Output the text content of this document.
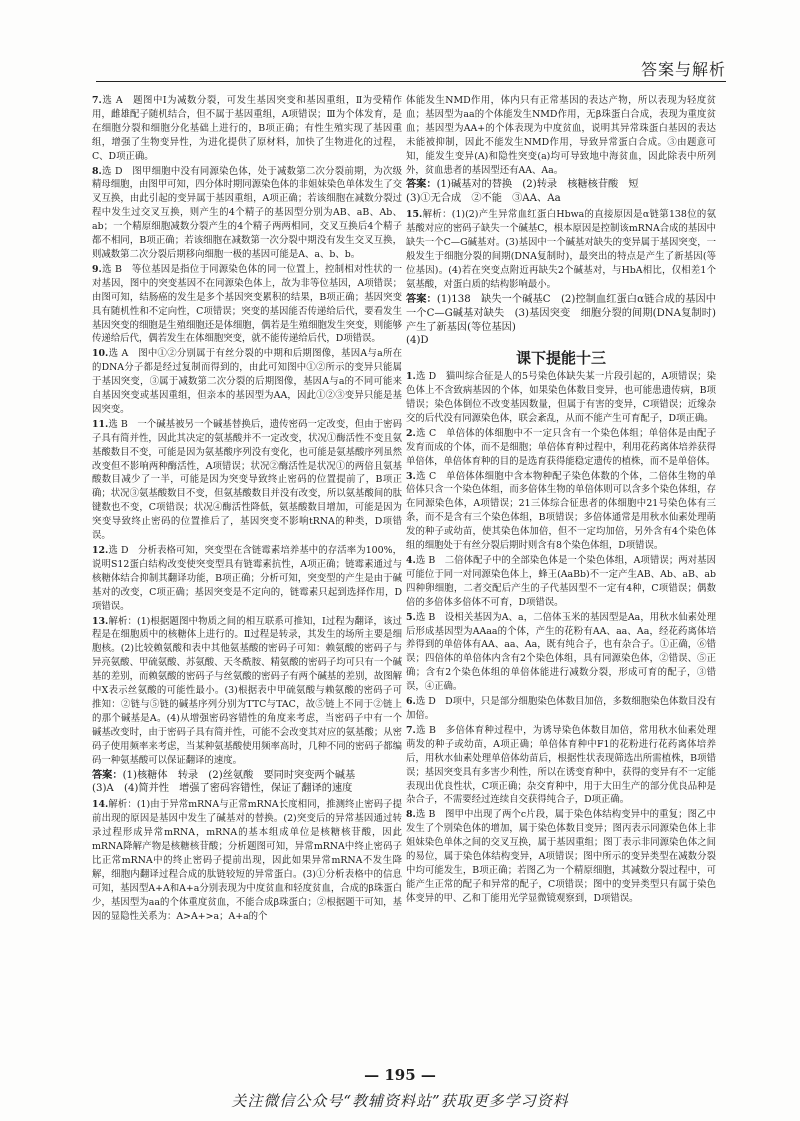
答案与解析
7.选 A　题图中Ⅰ为减数分裂，可发生基因突变和基因重组，Ⅱ为受精作用，雌雄配子随机结合，但不属于基因重组，A项错误；Ⅲ为个体发育，是在细胞分裂和细胞分化基础上进行的，B项正确；有性生殖实现了基因重组，增强了生物变异性，为进化提供了原材料，加快了生物进化的过程，C、D项正确。
8.选 D　图甲细胞中没有同源染色体，处于减数第二次分裂前期，为次级精母细胞，由图甲可知，四分体时期同源染色体的非姐妹染色单体发生了交叉互换，由此引起的变异属于基因重组，A项正确；若该细胞在减数分裂过程中发生过交叉互换，则产生的4个精子的基因型分别为AB、aB、Ab、ab；一个精原细胞减数分裂产生的4个精子两两相同，交叉互换后4个精子都不相同，B项正确；若该细胞在减数第一次分裂中期没有发生交叉互换，则减数第二次分裂后期移向细胞一极的基因可能是A、a、b、b。
9.选 B　等位基因是指位于同源染色体的同一位置上，控制相对性状的一对基因，图中的突变基因不在同源染色体上，故为非等位基因，A项错误；由图可知，结肠癌的发生是多个基因突变累积的结果，B项正确；基因突变具有随机性和不定向性，C项错误；突变的基因能否传递给后代，要看发生基因突变的细胞是生殖细胞还是体细胞，偶若是生殖细胞发生突变，则能够传递给后代，偶若发生在体细胞突变，就不能传递给后代，D项错误。
10.选 A　图中①②分别属于有丝分裂的中期和后期图像，基因A与a所在的DNA分子都是经过复制而得到的，由此可知图中①②所示的变异只能属于基因突变，③属于减数第二次分裂的后期图像，基因A与a的不同可能来自基因突变或基因重组，但亲本的基因型为AA，因此①②③变异只能是基因突变。
11.选 B　一个碱基被另一个碱基替换后，遗传密码一定改变，但由于密码子具有简并性，因此其决定的氨基酸并不一定改变，状况①酶活性不变且氨基酸数目不变，可能是因为氨基酸序列没有变化，也可能是氨基酸序列虽然改变但不影响两种酶活性，A项错误；状况②酶活性是状况①的两倍且氨基酸数目减少了一半，可能是因为突变导致终止密码的位置提前了，B项正确；状况③氨基酸数目不变，但氨基酸数目并没有改变，所以氨基酸间的肽键数也不变，C项错误；状况④酶活性降低，氨基酸数目增加，可能是因为突变导致终止密码的位置推后了，基因突变不影响tRNA的种类，D项错误。
12.选 D　分析表格可知，突变型在含链霉素培养基中的存活率为100%，说明S12蛋白结构改变使突变型具有链霉素抗性，A项正确；链霉素通过与核糖体结合抑制其翻译功能，B项正确；分析可知，突变型的产生是由于碱基对的改变，C项正确；基因突变是不定向的，链霉素只起到选择作用，D项错误。
13.解析：(1)根据题图中物质之间的相互联系可推知，Ⅰ过程为翻译，该过程是在细胞质中的核糖体上进行的。Ⅱ过程是转录，其发生的场所主要是细胞核。(2)比较赖氨酸和表中其他氨基酸的密码子可知：赖氨酸的密码子与异亮氨酸、甲硫氨酸、苏氨酸、天冬酰胺、精氨酸的密码子均可只有一个碱基的差别，而赖氨酸的密码子与丝氨酸的密码子有两个碱基的差别，故图解中X表示丝氨酸的可能性最小。(3)根据表中甲硫氨酸与赖氨酸的密码子可推知：②链与⑤链的碱基序列分别为TTC与TAC，故⑤链上不同于②链上的那个碱基是A。(4)从增强密码容错性的角度来考虑，当密码子中有一个碱基改变时，由于密码子具有简并性，可能不会改变其对应的氨基酸；从密码子使用频率来考虑，当某种氨基酸使用频率高时，几种不同的密码子都编码一种氨基酸可以保证翻译的速度。
答案：(1)核糖体　转录　(2)丝氨酸　要同时突变两个碱基
(3)A　(4)简并性　增强了密码容错性，保证了翻译的速度
14.解析：(1)由于异常mRNA与正常mRNA长度相同，推测终止密码子提前出现的原因是基因中发生了碱基对的替换。(2)突变后的异常基因通过转录过程形成异常mRNA，mRNA的基本组成单位是核糖核苷酸，因此mRNA降解产物是核糖核苷酸；分析题图可知，异常mRNA中终止密码子比正常mRNA中的终止密码子提前出现，因此如果异常mRNA不发生降解，细胞内翻译过程合成的肽链较短的异常蛋白。(3)①分析表格中的信息可知，基因型A+A和A+a分别表现为中度贫血和轻度贫血，合成的β珠蛋白少，基因型为aa的个体重度贫血，不能合成β珠蛋白；②根据题干可知，基因的显隐性关系为：A>A+>a；A+a的个
体能发生NMD作用，体内只有正常基因的表达产物，所以表现为轻度贫血；基因型为aa的个体能发生NMD作用，无β珠蛋白合成，表现为重度贫血；基因型为AA+的个体表现为中度贫血，说明其异常珠蛋白基因的表达未能被抑制，因此不能发生NMD作用，导致异常蛋白合成。③由题意可知，能发生变异(A)和隐性突变(a)均可导致地中海贫血，因此除表中所列外，贫血患者的基因型还有AA、Aa。
答案：(1)碱基对的替换　(2)转录　核糖核苷酸　短
(3)①无合成　②不能　③AA、Aa
15.解析：(1)(2)产生异常血红蛋白Hbwa的直接原因是α链第138位的氨基酸对应的密码子缺失一个碱基C，根本原因是控制该mRNA合成的基因中缺失一个C—G碱基对。(3)基因中一个碱基对缺失的变异属于基因突变，一般发生于细胞分裂的间期(DNA复制时)，最突出的特点是产生了新基因(等位基因)。(4)若在突变点附近再缺失2个碱基对，与HbA相比，仅相差1个氨基酸，对蛋白质的结构影响最小。
答案：(1)138　缺失一个碱基C　(2)控制血红蛋白α链合成的基因中一个C—G碱基对缺失　(3)基因突变　细胞分裂的间期(DNA复制时)　产生了新基因(等位基因)
(4)D
课下提能十三
1.选 D　猫叫综合征是人的5号染色体缺失某一片段引起的，A项错误；染色体上不含致病基因的个体，如果染色体数目变异，也可能患遗传病，B项错误；染色体倒位不改变基因数量，但属于有害的变异，C项错误；近缘杂交的后代没有同源染色体，联会紊乱，从而不能产生可育配子，D项正确。
2.选 C　单倍体的体细胞中不一定只含有一个染色体组；单倍体是由配子发育而成的个体，而不是细胞；单倍体育种过程中，利用花药离体培养获得单倍体，单倍体育种的目的是选育获得能稳定遗传的植株，而不是单倍体。
3.选 C　单倍体体细胞中含本物种配子染色体数的个体，二倍体生物的单倍体只含一个染色体组，而多倍体生物的单倍体则可以含多个染色体组，存在同源染色体，A项错误；21三体综合征患者的体细胞中21号染色体有三条，而不是含有三个染色体组，B项错误；多倍体通常是用秋水仙素处理萌发的种子或幼苗，使其染色体加倍，但不一定均加倍，另外含有4个染色体组的细胞处于有丝分裂后期时则含有8个染色体组，D项错误。
4.选 B　二倍体配子中的全部染色体是一个染色体组，A项错误；两对基因可能位于同一对同源染色体上，蜂王(AaBb)不一定产生AB、Ab、aB、ab四种卵细胞，二者交配后产生的子代基因型不一定有4种，C项错误；偶数倍的多倍体多倍体不可育，D项错误。
5.选 B　设相关基因为A、a，二倍体玉米的基因型是Aa，用秋水仙素处理后形成基因型为AAaa的个体，产生的花粉有AA、aa、Aa，经花药离体培养得到的单倍体有AA、aa、Aa，既有纯合子，也有杂合子。①正确，⑥错误；四倍体的单倍体内含有2个染色体组，具有同源染色体，②错误、⑤正确；含有2个染色体组的单倍体能进行减数分裂，形成可育的配子，③错误，④正确。
6.选 D　D项中，只是部分细胞染色体数目加倍，多数细胞染色体数目没有加倍。
7.选 B　多倍体育种过程中，为诱导染色体数目加倍，常用秋水仙素处理萌发的种子或幼苗，A项正确；单倍体育种中F1的花粉进行花药离体培养后，用秋水仙素处理单倍体幼苗后，根据性状表现筛选出所需植株，B项错误；基因突变具有多害少利性，所以在诱变育种中，获得的变异有不一定能表现出优良性状，C项正确；杂交育种中，用于大田生产的部分优良品种是杂合子，不需要经过连续自交获得纯合子，D项正确。
8.选 B　图甲中出现了两个c片段，属于染色体结构变异中的重复；图乙中发生了个别染色体的增加，属于染色体数目变异；图丙表示同源染色体上非姐妹染色单体之间的交叉互换，属于基因重组；图丁表示非同源染色体之间的易位，属于染色体结构变异，A项错误；图中所示的变异类型在减数分裂中均可能发生，B项正确；若图乙为一个精原细胞，其减数分裂过程中，可能产生正常的配子和异常的配子，C项错误；图中的变异类型只有属于染色体变异的甲、乙和丁能用光学显微镜观察到，D项错误。
— 195 —
关注微信公众号“教辅资料站”获取更多学习资料
